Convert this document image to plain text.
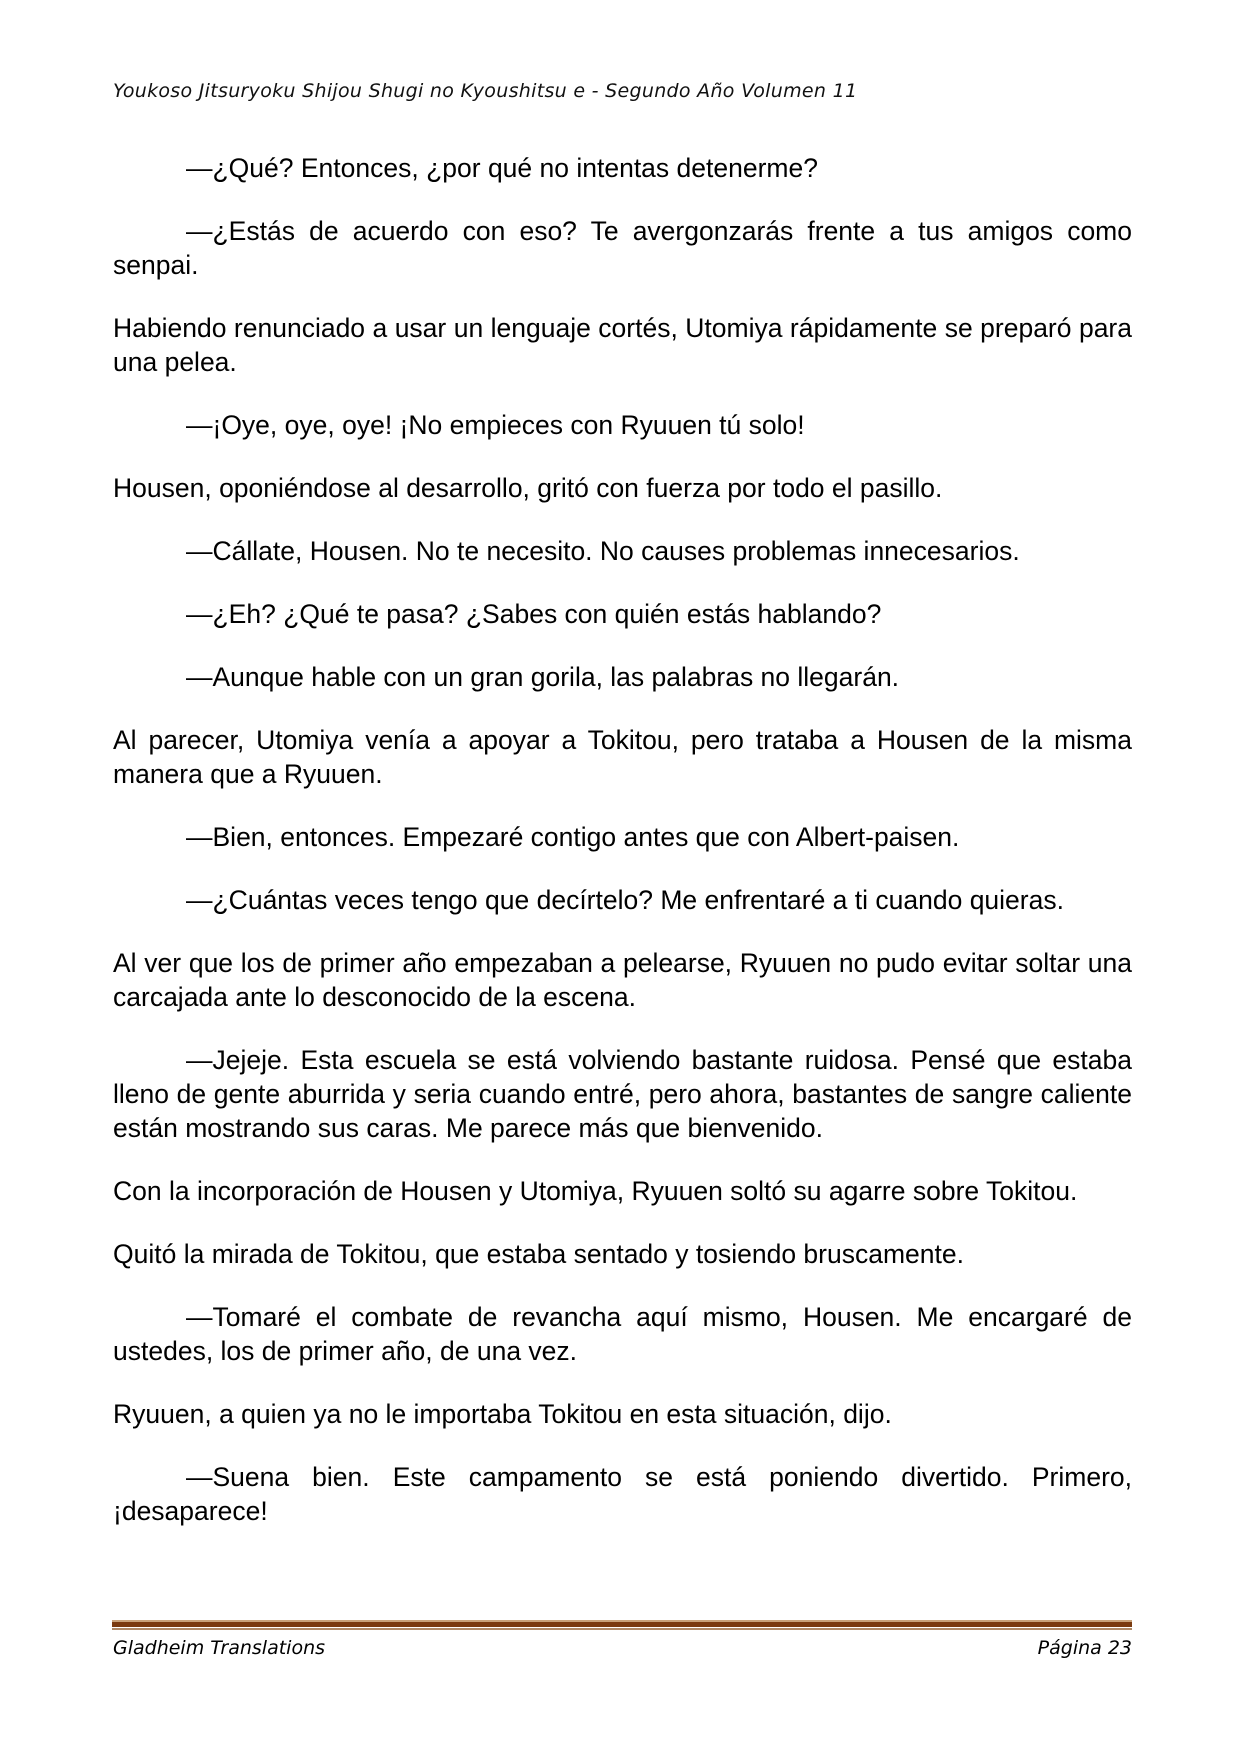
Youkoso Jitsuryoku Shijou Shugi no Kyoushitsu e - Segundo Año Volumen 11

—¿Qué? Entonces, ¿por qué no intentas detenerme?

—¿Estás de acuerdo con eso? Te avergonzarás frente a tus amigos como senpai.

Habiendo renunciado a usar un lenguaje cortés, Utomiya rápidamente se preparó para una pelea.

—¡Oye, oye, oye! ¡No empieces con Ryuuen tú solo!

Housen, oponiéndose al desarrollo, gritó con fuerza por todo el pasillo.

—Cállate, Housen. No te necesito. No causes problemas innecesarios.

—¿Eh? ¿Qué te pasa? ¿Sabes con quién estás hablando?

—Aunque hable con un gran gorila, las palabras no llegarán.

Al parecer, Utomiya venía a apoyar a Tokitou, pero trataba a Housen de la misma manera que a Ryuuen.

—Bien, entonces. Empezaré contigo antes que con Albert-paisen.

—¿Cuántas veces tengo que decírtelo? Me enfrentaré a ti cuando quieras.

Al ver que los de primer año empezaban a pelearse, Ryuuen no pudo evitar soltar una carcajada ante lo desconocido de la escena.

—Jejeje. Esta escuela se está volviendo bastante ruidosa. Pensé que estaba lleno de gente aburrida y seria cuando entré, pero ahora, bastantes de sangre caliente están mostrando sus caras. Me parece más que bienvenido.

Con la incorporación de Housen y Utomiya, Ryuuen soltó su agarre sobre Tokitou.

Quitó la mirada de Tokitou, que estaba sentado y tosiendo bruscamente.

—Tomaré el combate de revancha aquí mismo, Housen. Me encargaré de ustedes, los de primer año, de una vez.

Ryuuen, a quien ya no le importaba Tokitou en esta situación, dijo.

—Suena bien. Este campamento se está poniendo divertido. Primero, ¡desaparece!

Gladheim Translations	Página 23
